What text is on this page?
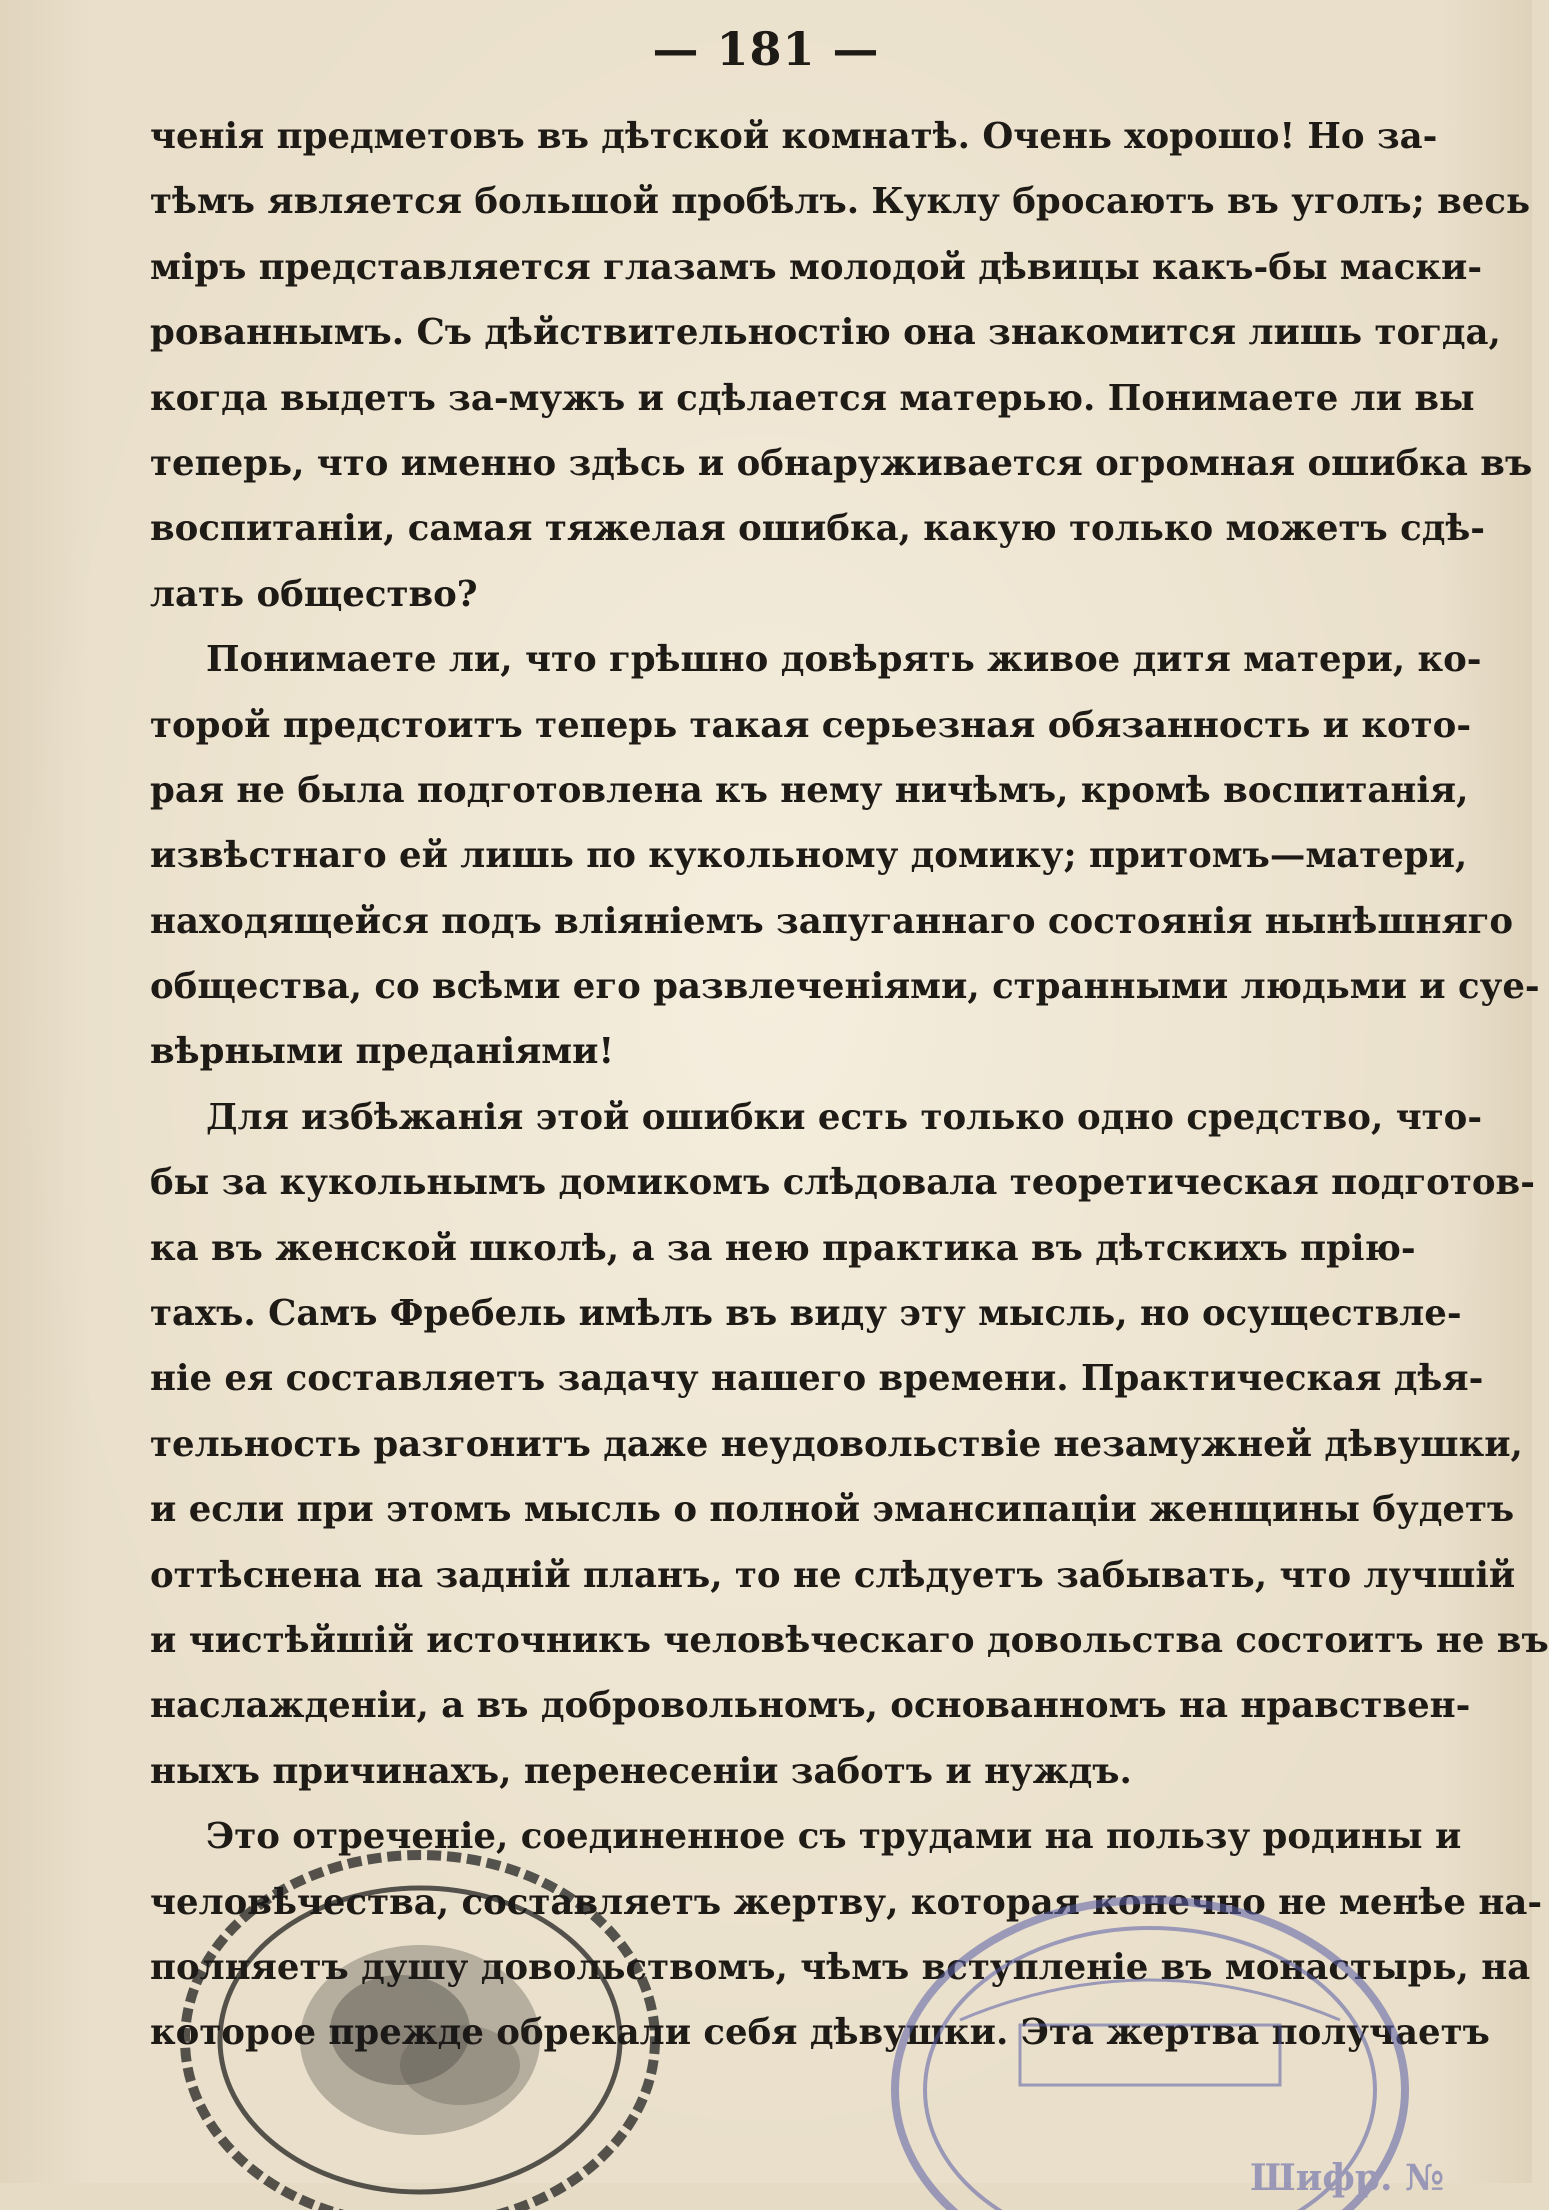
— 181 —
ченія предметовъ въ дѣтской комнатѣ. Очень хорошо! Но за-
тѣмъ является большой пробѣлъ. Куклу бросаютъ въ уголъ; весь
міръ представляется глазамъ молодой дѣвицы какъ-бы маски-
рованнымъ. Съ дѣйствительностію она знакомится лишь тогда,
когда выдетъ за-мужъ и сдѣлается матерью. Понимаете ли вы
теперь, что именно здѣсь и обнаруживается огромная ошибка въ
воспитаніи, самая тяжелая ошибка, какую только можетъ сдѣ-
лать общество?
Понимаете ли, что грѣшно довѣрять живое дитя матери, ко-
торой предстоитъ теперь такая серьезная обязанность и кото-
рая не была подготовлена къ нему ничѣмъ, кромѣ воспитанія,
извѣстнаго ей лишь по кукольному домику; притомъ—матери,
находящейся подъ вліяніемъ запуганнаго состоянія нынѣшняго
общества, со всѣми его развлеченіями, странными людьми и суе-
вѣрными преданіями!
Для избѣжанія этой ошибки есть только одно средство, что-
бы за кукольнымъ домикомъ слѣдовала теоретическая подготов-
ка въ женской школѣ, а за нею практика въ дѣтскихъ прію-
тахъ. Самъ Фребель имѣлъ въ виду эту мысль, но осуществле-
ніе ея составляетъ задачу нашего времени. Практическая дѣя-
тельность разгонитъ даже неудовольствіе незамужней дѣвушки,
и если при этомъ мысль о полной эмансипаціи женщины будетъ
оттѣснена на задній планъ, то не слѣдуетъ забывать, что лучшій
и чистѣйшій источникъ человѣческаго довольства состоитъ не въ
наслажденіи, а въ добровольномъ, основанномъ на нравствен-
ныхъ причинахъ, перенесеніи заботъ и нуждъ.
Это отреченіе, соединенное съ трудами на пользу родины и
человѣчества, составляетъ жертву, которая конечно не менѣе на-
полняетъ душу довольствомъ, чѣмъ вступленіе въ монастырь, на
которое прежде обрекали себя дѣвушки. Эта жертва получаетъ
Шифр. №
